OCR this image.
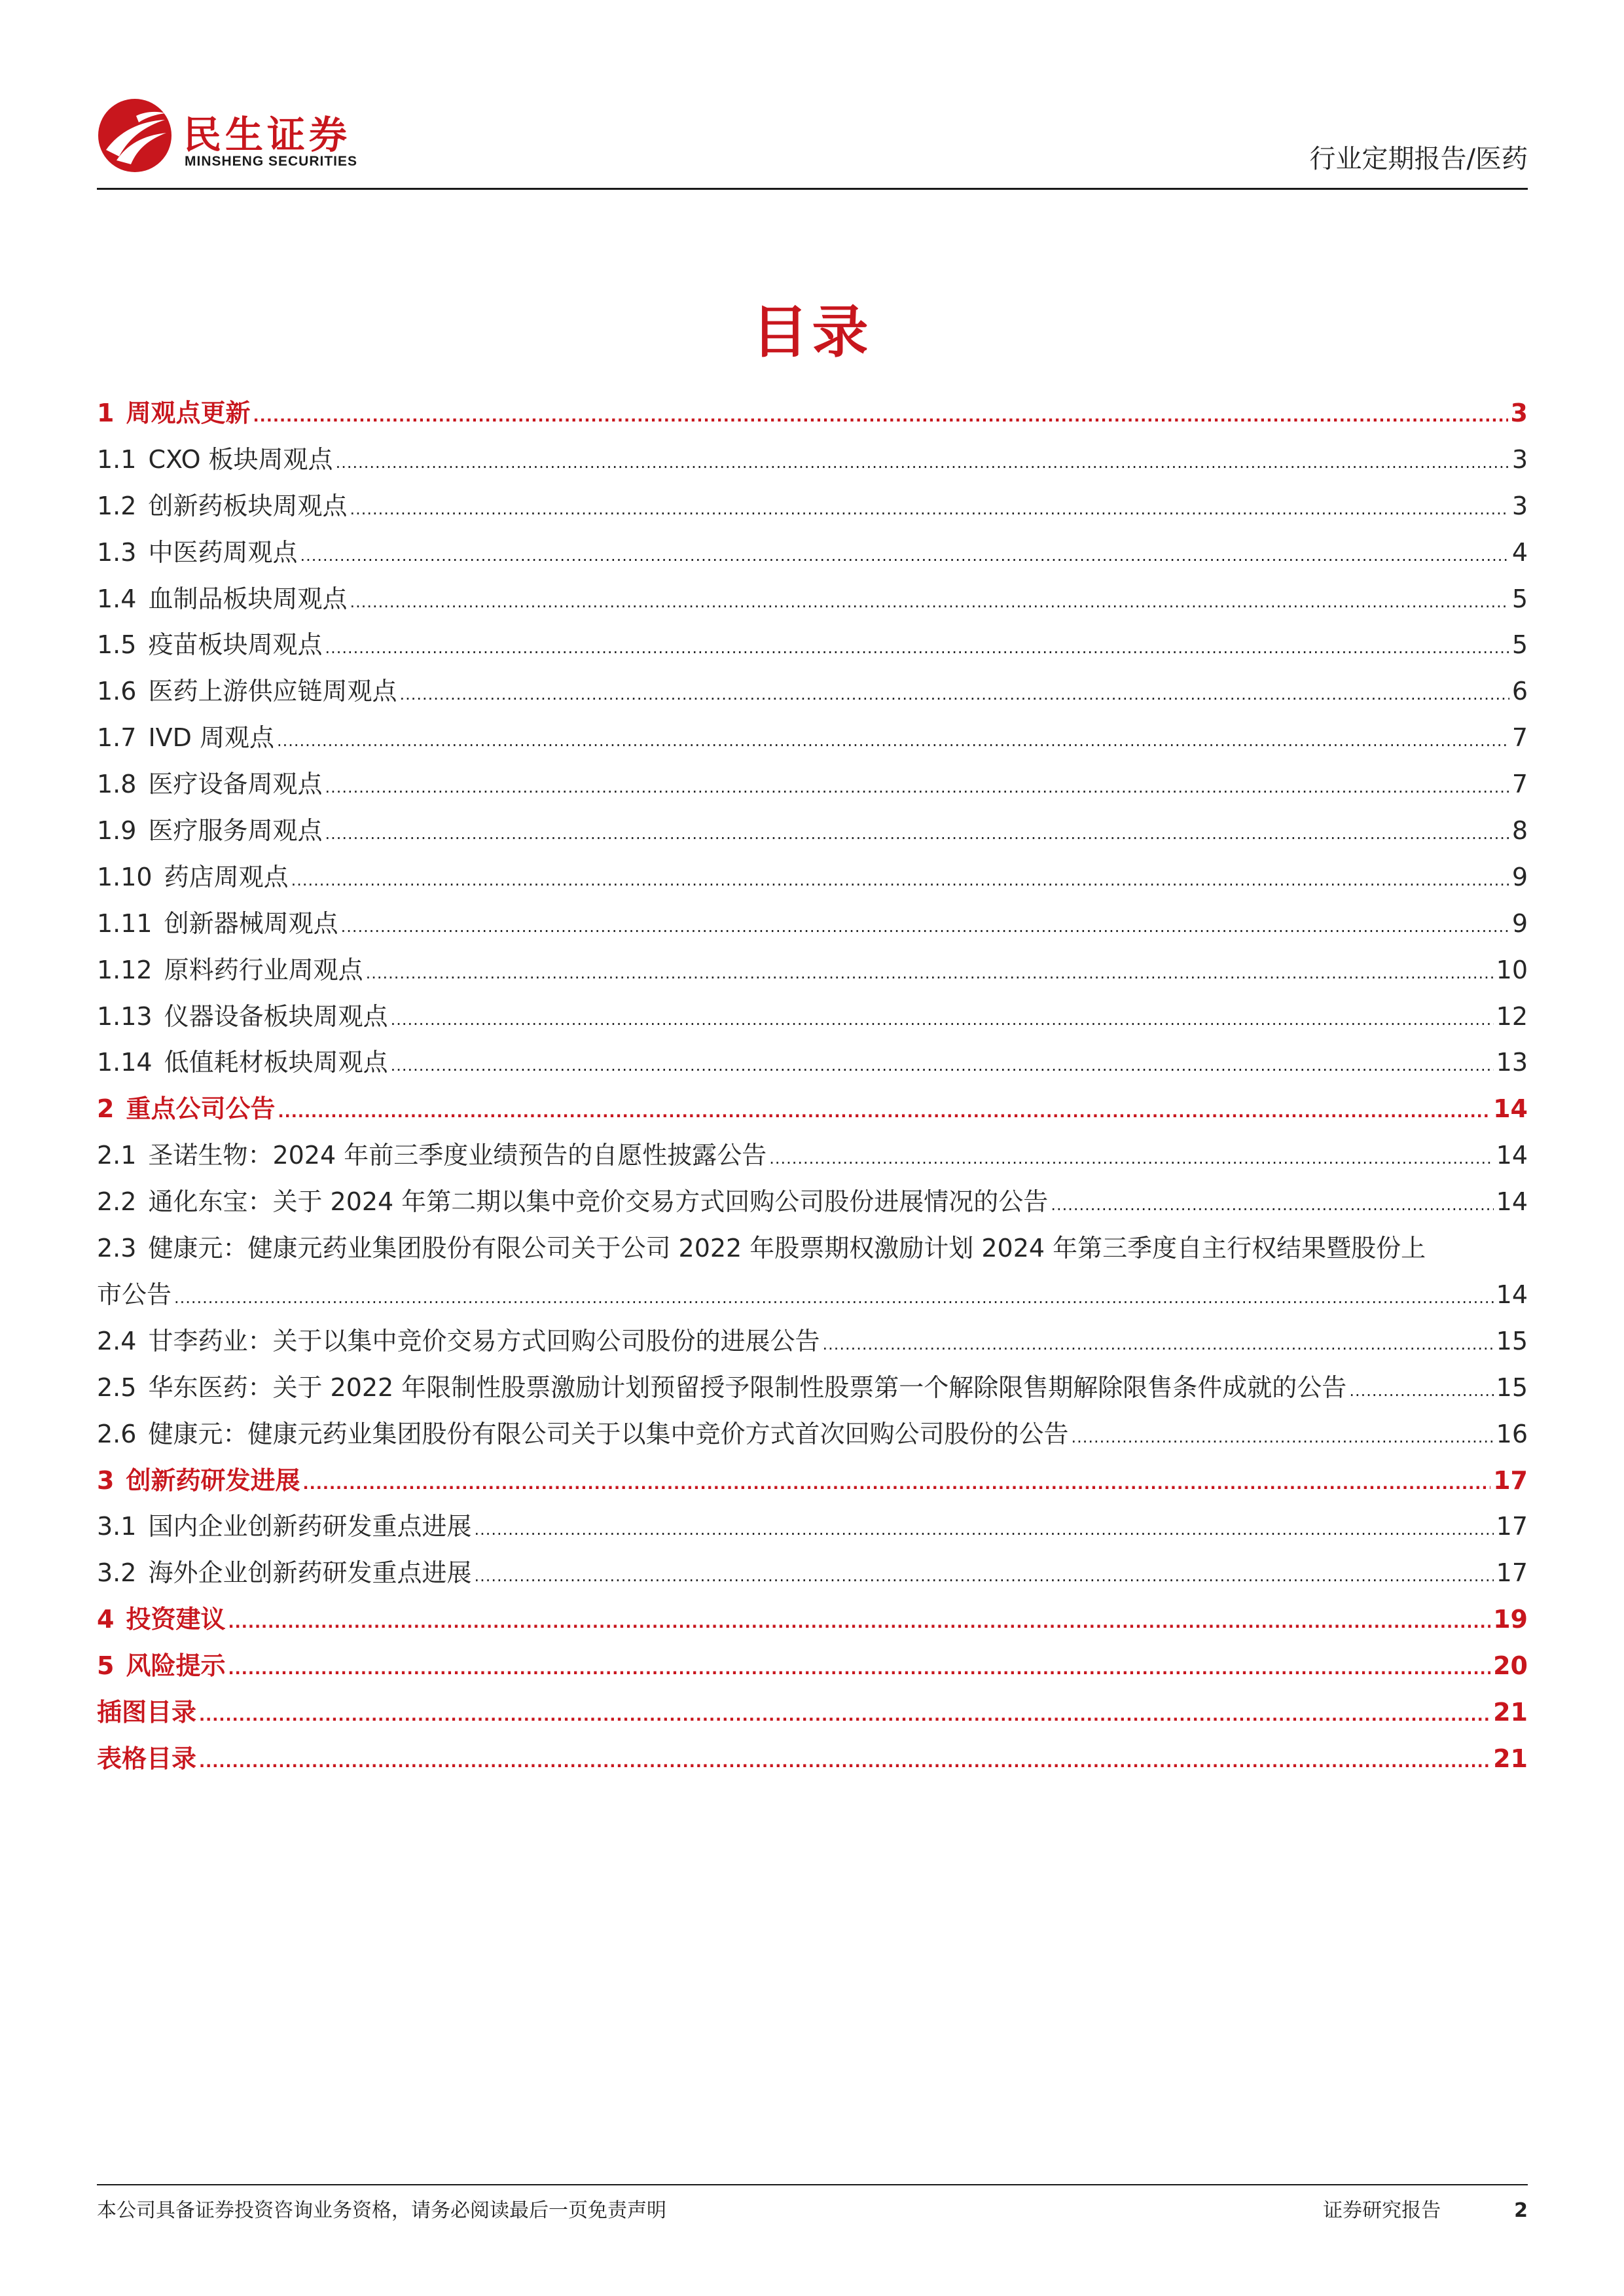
民生证券
MINSHENG SECURITIES	行业定期报告/医药
目录
1 周观点更新 .....	3
1.1 CXO 板块周观点 .....	3
1.2 创新药板块周观点 .....	3
1.3 中医药周观点 .....	4
1.4 血制品板块周观点 .....	5
1.5 疫苗板块周观点 .....	5
1.6 医药上游供应链周观点 .....	6
1.7 IVD 周观点 .....	7
1.8 医疗设备周观点 .....	7
1.9 医疗服务周观点 .....	8
1.10 药店周观点 .....	9
1.11 创新器械周观点 .....	9
1.12 原料药行业周观点 .....	10
1.13 仪器设备板块周观点 .....	12
1.14 低值耗材板块周观点 .....	13
2 重点公司公告 .....	14
2.1 圣诺生物：2024 年前三季度业绩预告的自愿性披露公告 .....	14
2.2 通化东宝：关于 2024 年第二期以集中竞价交易方式回购公司股份进展情况的公告 .....	14
2.3 健康元：健康元药业集团股份有限公司关于公司 2022 年股票期权激励计划 2024 年第三季度自主行权结果暨股份上
市公告 .....	14
2.4 甘李药业：关于以集中竞价交易方式回购公司股份的进展公告 .....	15
2.5 华东医药：关于 2022 年限制性股票激励计划预留授予限制性股票第一个解除限售期解除限售条件成就的公告 .....	15
2.6 健康元：健康元药业集团股份有限公司关于以集中竞价方式首次回购公司股份的公告 .....	16
3 创新药研发进展 .....	17
3.1 国内企业创新药研发重点进展 .....	17
3.2 海外企业创新药研发重点进展 .....	17
4 投资建议 .....	19
5 风险提示 .....	20
插图目录 .....	21
表格目录 .....	21
本公司具备证券投资咨询业务资格，请务必阅读最后一页免责声明	证券研究报告	2
